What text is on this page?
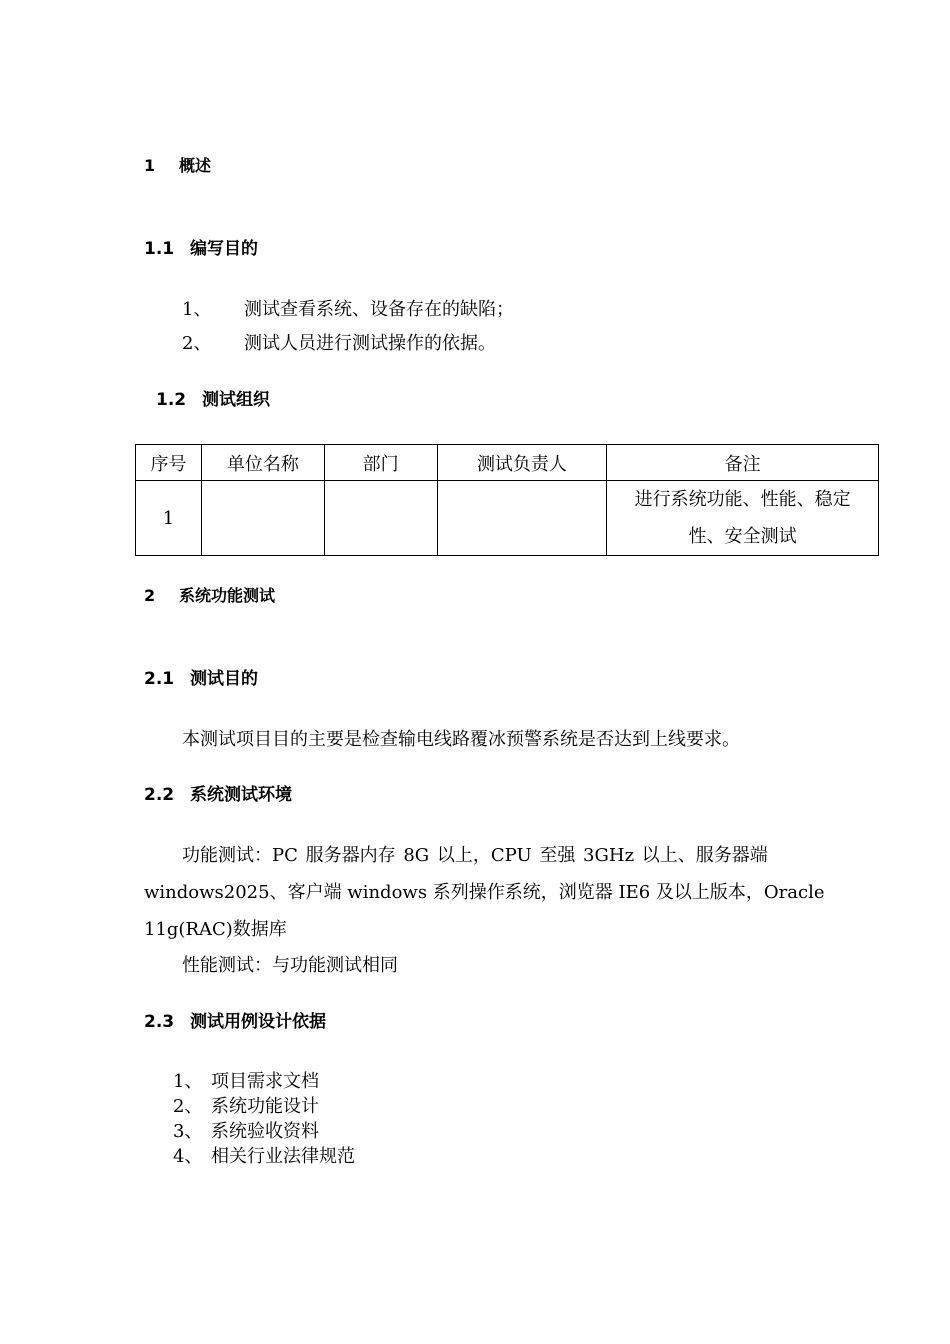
1 概述
1.1 编写目的
1、 测试查看系统、设备存在的缺陷；
2、 测试人员进行测试操作的依据。
1.2 测试组织
序号	单位名称	部门	测试负责人	备注
1				进行系统功能、性能、稳定性、安全测试
2 系统功能测试
2.1 测试目的
本测试项目目的主要是检查输电线路覆冰预警系统是否达到上线要求。
2.2 系统测试环境
功能测试：PC 服务器内存 8G 以上，CPU 至强 3GHz 以上、服务器端
windows2025、客户端 windows 系列操作系统，浏览器 IE6 及以上版本，Oracle
11g(RAC)数据库
性能测试：与功能测试相同
2.3 测试用例设计依据
1、 项目需求文档
2、 系统功能设计
3、 系统验收资料
4、 相关行业法律规范
